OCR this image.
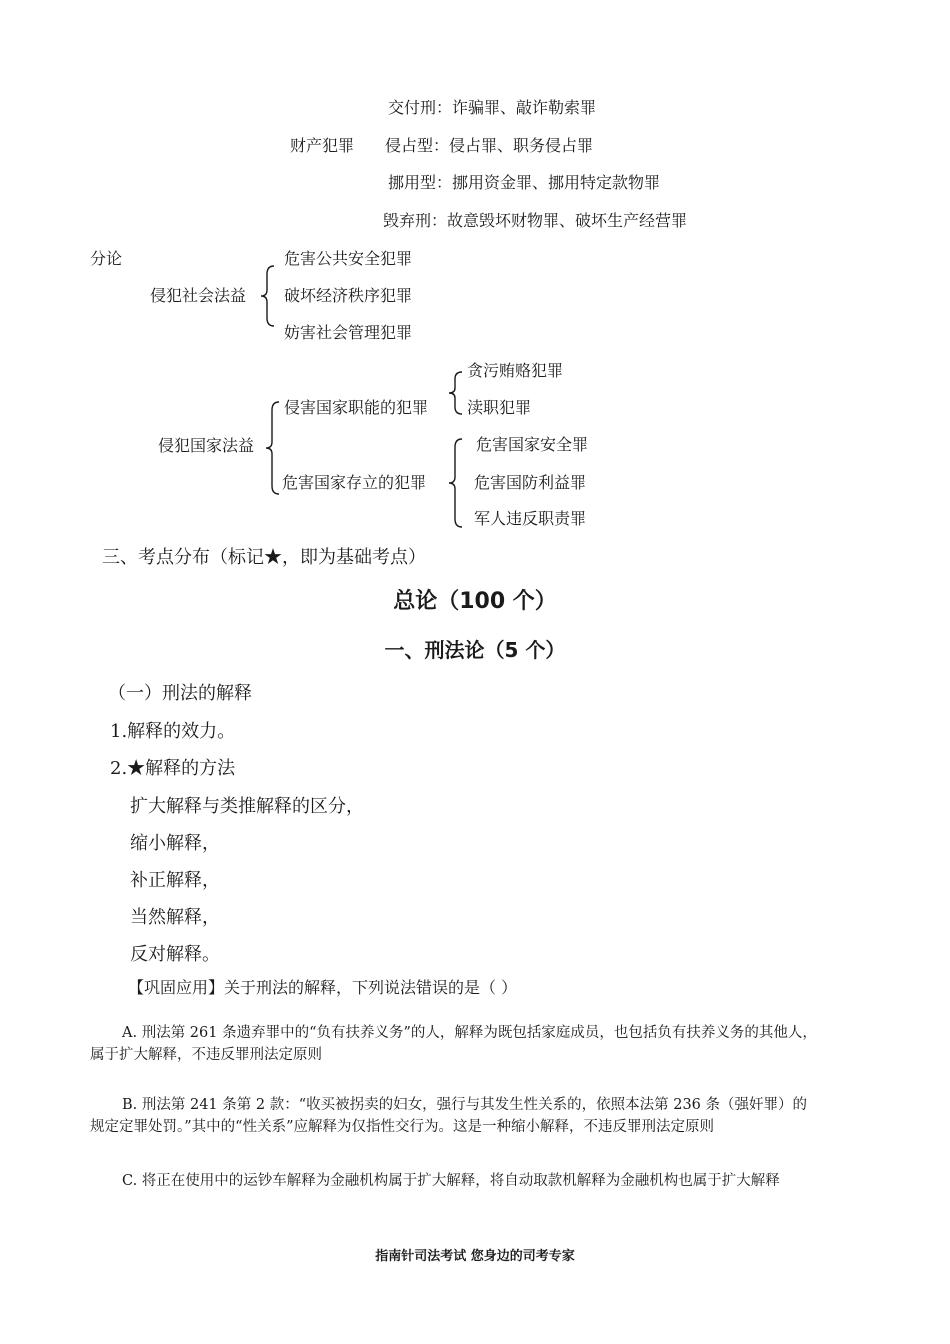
交付刑：诈骗罪、敲诈勒索罪
财产犯罪 侵占型：侵占罪、职务侵占罪
挪用型：挪用资金罪、挪用特定款物罪
毁弃刑：故意毁坏财物罪、破坏生产经营罪
分论
侵犯社会法益
危害公共安全犯罪
破坏经济秩序犯罪
妨害社会管理犯罪
侵犯国家法益
侵害国家职能的犯罪
贪污贿赂犯罪
渎职犯罪
危害国家存立的犯罪
危害国家安全罪
危害国防利益罪
军人违反职责罪
三、考点分布（标记★，即为基础考点）
总论（100 个）
一、刑法论（5 个）
（一）刑法的解释
1.解释的效力。
2.★解释的方法
扩大解释与类推解释的区分，
缩小解释，
补正解释，
当然解释，
反对解释。
【巩固应用】关于刑法的解释，下列说法错误的是（ ）
A. 刑法第 261 条遗弃罪中的“负有扶养义务”的人，解释为既包括家庭成员，也包括负有扶养义务的其他人，属于扩大解释，不违反罪刑法定原则
B. 刑法第 241 条第 2 款：“收买被拐卖的妇女，强行与其发生性关系的，依照本法第 236 条（强奸罪）的规定定罪处罚。”其中的“性关系”应解释为仅指性交行为。这是一种缩小解释，不违反罪刑法定原则
C. 将正在使用中的运钞车解释为金融机构属于扩大解释，将自动取款机解释为金融机构也属于扩大解释
指南针司法考试 您身边的司考专家
